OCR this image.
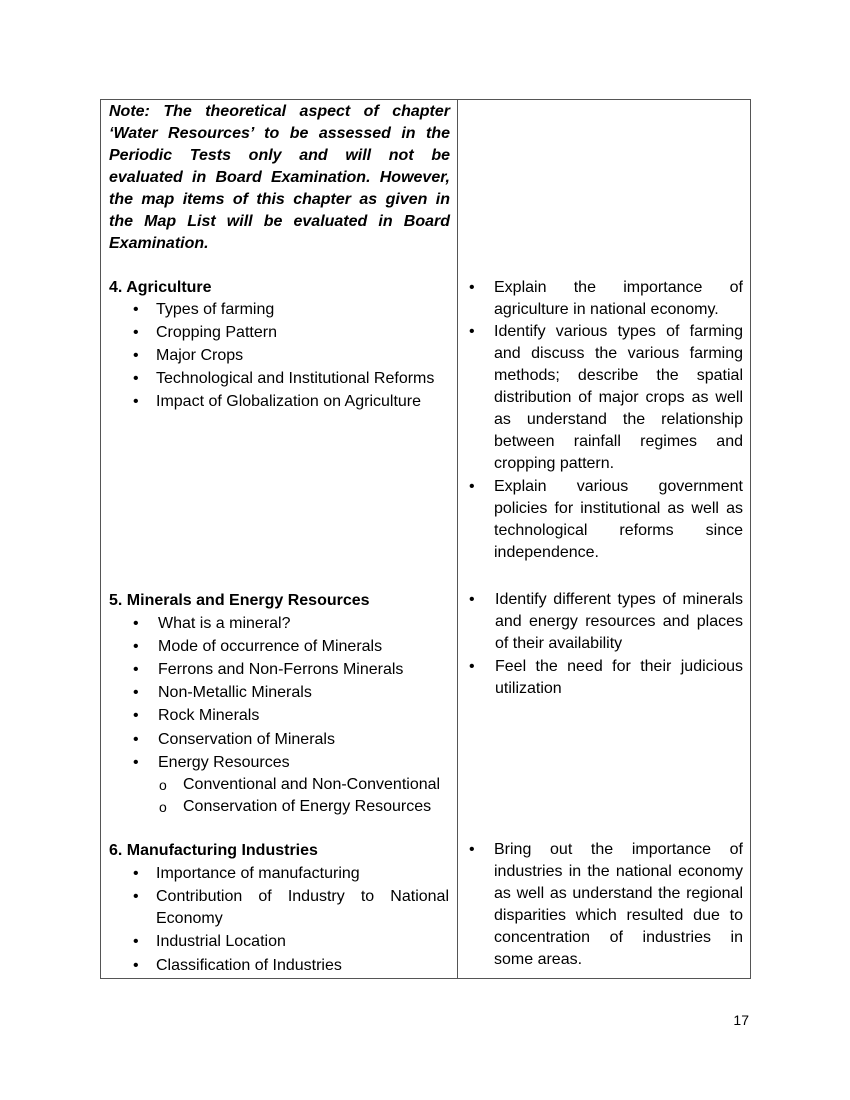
Note: The theoretical aspect of chapter
‘Water Resources’ to be assessed in the
Periodic Tests only and will not be
evaluated in Board Examination. However,
the map items of this chapter as given in
the Map List will be evaluated in Board
Examination.
4. Agriculture
• Types of farming
• Cropping Pattern
• Major Crops
• Technological and Institutional Reforms
• Impact of Globalization on Agriculture
• Explain the importance of
agriculture in national economy.
• Identify various types of farming
and discuss the various farming
methods; describe the spatial
distribution of major crops as well
as understand the relationship
between rainfall regimes and
cropping pattern.
• Explain various government
policies for institutional as well as
technological reforms since
independence.
5. Minerals and Energy Resources
• What is a mineral?
• Mode of occurrence of Minerals
• Ferrons and Non-Ferrons Minerals
• Non-Metallic Minerals
• Rock Minerals
• Conservation of Minerals
• Energy Resources
o Conventional and Non-Conventional
o Conservation of Energy Resources
• Identify different types of minerals
and energy resources and places
of their availability
• Feel the need for their judicious
utilization
6. Manufacturing Industries
• Importance of manufacturing
• Contribution of Industry to National
Economy
• Industrial Location
• Classification of Industries
• Bring out the importance of
industries in the national economy
as well as understand the regional
disparities which resulted due to
concentration of industries in
some areas.
17
